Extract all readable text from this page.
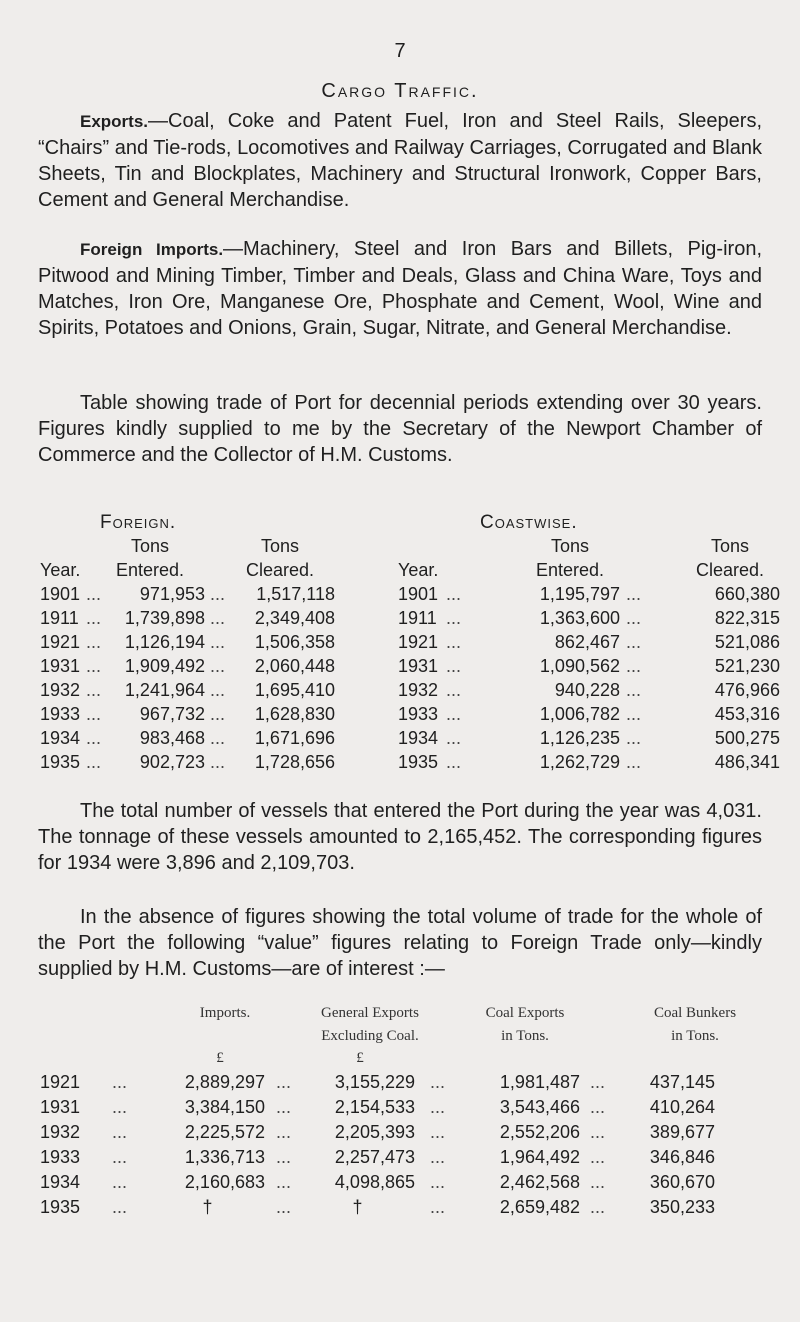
7
Cargo Traffic.

Exports.—Coal, Coke and Patent Fuel, Iron and Steel Rails, Sleepers, “Chairs” and Tie-rods, Locomotives and Railway Carriages, Corrugated and Blank Sheets, Tin and Blockplates, Machinery and Structural Ironwork, Copper Bars, Cement and General Merchandise.

Foreign Imports.—Machinery, Steel and Iron Bars and Billets, Pig-iron, Pitwood and Mining Timber, Timber and Deals, Glass and China Ware, Toys and Matches, Iron Ore, Manganese Ore, Phosphate and Cement, Wool, Wine and Spirits, Potatoes and Onions, Grain, Sugar, Nitrate, and General Merchandise.

Table showing trade of Port for decennial periods extending over 30 years. Figures kindly supplied to me by the Secretary of the Newport Chamber of Commerce and the Collector of H.M. Customs.

Foreign.	Coastwise.
Tons	Tons	Tons	Tons
Year.	Entered.	Cleared.	Year.	Entered.	Cleared.
1901	971,953	1,517,118	1901	1,195,797	660,380
...	...	...	...
1911	1,739,898	2,349,408	1911	1,363,600	822,315
...	...	...	...
1921	1,126,194	1,506,358	1921	862,467	521,086
...	...	...	...
1931	1,909,492	2,060,448	1931	1,090,562	521,230
...	...	...	...
1932	1,241,964	1,695,410	1932	940,228	476,966
...	...	...	...
1933	967,732	1,628,830	1933	1,006,782	453,316
...	...	...	...
1934	983,468	1,671,696	1934	1,126,235	500,275
...	...	...	...
1935	902,723	1,728,656	1935	1,262,729	486,341
...	...	...	...

The total number of vessels that entered the Port during the year was 4,031. The tonnage of these vessels amounted to 2,165,452. The corresponding figures for 1934 were 3,896 and 2,109,703.

In the absence of figures showing the total volume of trade for the whole of the Port the following “value” figures relating to Foreign Trade only—kindly supplied by H.M. Customs—are of interest :—

Imports.	General Exports
Excluding Coal.
Coal Exports
in Tons.
Coal Bunkers
in Tons.
£	£
1921	2,889,297	3,155,229	1,981,487	437,145
...	...	...	...
1931	3,384,150	2,154,533	3,543,466	410,264
...	...	...	...
1932	2,225,572	2,205,393	2,552,206	389,677
...	...	...	...
1933	1,336,713	2,257,473	1,964,492	346,846
...	...	...	...
1934	2,160,683	4,098,865	2,462,568	360,670
...	...	...	...
1935	†	†	2,659,482	350,233
...	...	...	...
